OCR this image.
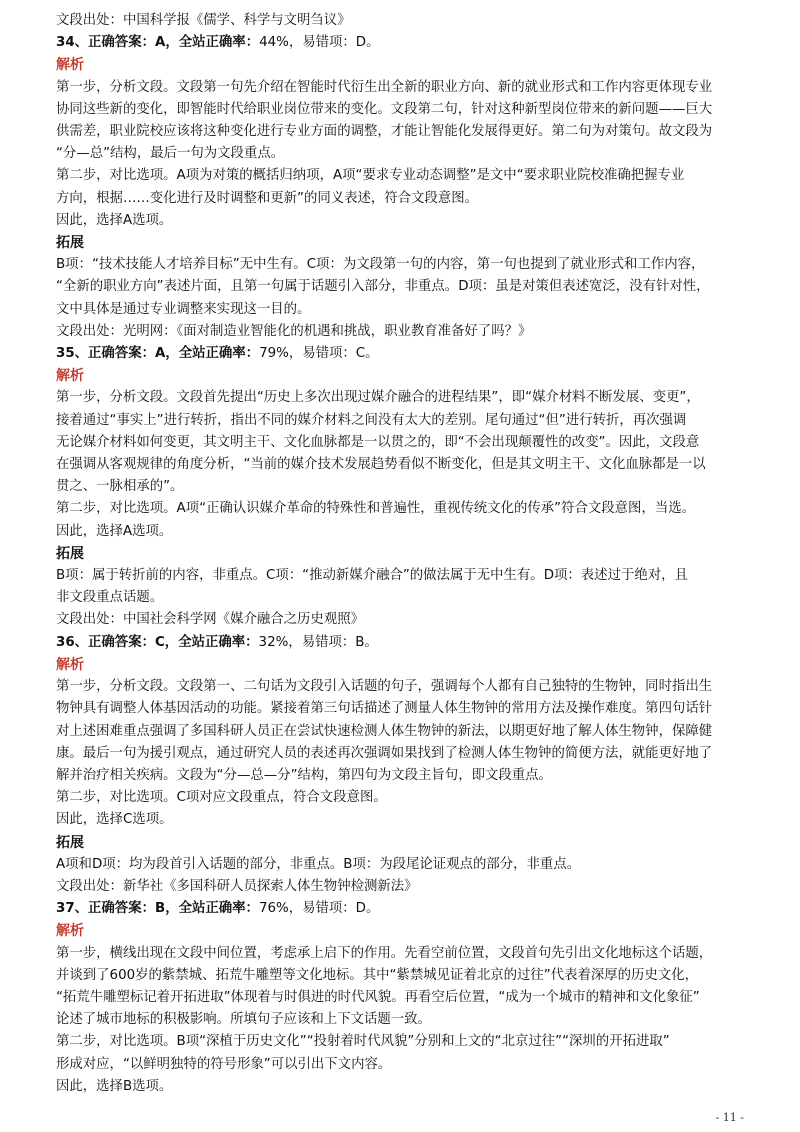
文段出处：中国科学报《儒学、科学与文明刍议》
34、正确答案：A，全站正确率：44%，易错项：D。
解析
第一步，分析文段。文段第一句先介绍在智能时代衍生出全新的职业方向、新的就业形式和工作内容更体现专业
协同这些新的变化，即智能时代给职业岗位带来的变化。文段第二句，针对这种新型岗位带来的新问题——巨大
供需差，职业院校应该将这种变化进行专业方面的调整，才能让智能化发展得更好。第二句为对策句。故文段为
“分—总”结构，最后一句为文段重点。
第二步，对比选项。A项为对策的概括归纳项，A项“要求专业动态调整”是文中“要求职业院校准确把握专业
方向，根据……变化进行及时调整和更新”的同义表述，符合文段意图。
因此，选择A选项。
拓展
B项：“技术技能人才培养目标”无中生有。C项：为文段第一句的内容，第一句也提到了就业形式和工作内容，
“全新的职业方向”表述片面，且第一句属于话题引入部分，非重点。D项：虽是对策但表述宽泛，没有针对性，
文中具体是通过专业调整来实现这一目的。
文段出处：光明网：《面对制造业智能化的机遇和挑战，职业教育准备好了吗？》
35、正确答案：A，全站正确率：79%，易错项：C。
解析
第一步，分析文段。文段首先提出“历史上多次出现过媒介融合的进程结果”，即“媒介材料不断发展、变更”，
接着通过“事实上”进行转折，指出不同的媒介材料之间没有太大的差别。尾句通过“但”进行转折，再次强调
无论媒介材料如何变更，其文明主干、文化血脉都是一以贯之的，即“不会出现颠覆性的改变”。因此，文段意
在强调从客观规律的角度分析，“当前的媒介技术发展趋势看似不断变化，但是其文明主干、文化血脉都是一以
贯之、一脉相承的”。
第二步，对比选项。A项“正确认识媒介革命的特殊性和普遍性，重视传统文化的传承”符合文段意图，当选。
因此，选择A选项。
拓展
B项：属于转折前的内容，非重点。C项：“推动新媒介融合”的做法属于无中生有。D项：表述过于绝对，且
非文段重点话题。
文段出处：中国社会科学网《媒介融合之历史观照》
36、正确答案：C，全站正确率：32%，易错项：B。
解析
第一步，分析文段。文段第一、二句话为文段引入话题的句子，强调每个人都有自己独特的生物钟，同时指出生
物钟具有调整人体基因活动的功能。紧接着第三句话描述了测量人体生物钟的常用方法及操作难度。第四句话针
对上述困难重点强调了多国科研人员正在尝试快速检测人体生物钟的新法，以期更好地了解人体生物钟，保障健
康。最后一句为援引观点，通过研究人员的表述再次强调如果找到了检测人体生物钟的简便方法，就能更好地了
解并治疗相关疾病。文段为“分—总—分”结构，第四句为文段主旨句，即文段重点。
第二步，对比选项。C项对应文段重点，符合文段意图。
因此，选择C选项。
拓展
A项和D项：均为段首引入话题的部分，非重点。B项：为段尾论证观点的部分，非重点。
文段出处：新华社《多国科研人员探索人体生物钟检测新法》
37、正确答案：B，全站正确率：76%，易错项：D。
解析
第一步，横线出现在文段中间位置，考虑承上启下的作用。先看空前位置，文段首句先引出文化地标这个话题，
并谈到了600岁的紫禁城、拓荒牛雕塑等文化地标。其中“紫禁城见证着北京的过往”代表着深厚的历史文化，
“拓荒牛雕塑标记着开拓进取”体现着与时俱进的时代风貌。再看空后位置，“成为一个城市的精神和文化象征”
论述了城市地标的积极影响。所填句子应该和上下文话题一致。
第二步，对比选项。B项“深植于历史文化”“投射着时代风貌”分别和上文的“北京过往”“深圳的开拓进取”
形成对应，“以鲜明独特的符号形象”可以引出下文内容。
因此，选择B选项。
- 11 -
